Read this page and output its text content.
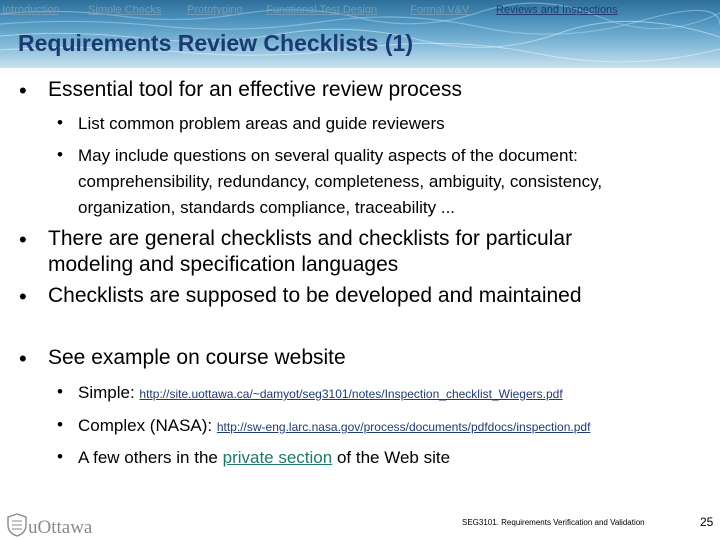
Introduction	Simple Checks Prototyping Functional Test Design	Formal V&V Reviews and Inspections
Requirements Review Checklists (1)
• Essential tool for an effective review process
• List common problem areas and guide reviewers
• May include questions on several quality aspects of the document:
comprehensibility, redundancy, completeness, ambiguity, consistency,
organization, standards compliance, traceability ...
• There are general checklists and checklists for particular
modeling and specification languages
• Checklists are supposed to be developed and maintained
• See example on course website
• Simple: http://site.uottawa.ca/~damyot/seg3101/notes/Inspection_checklist_Wiegers.pdf
• Complex (NASA): http://sw-eng.larc.nasa.gov/process/documents/pdfdocs/inspection.pdf
• A few others in the private section of the Web site
uOttawa	SEG3101. Requirements Verification and Validation	25
